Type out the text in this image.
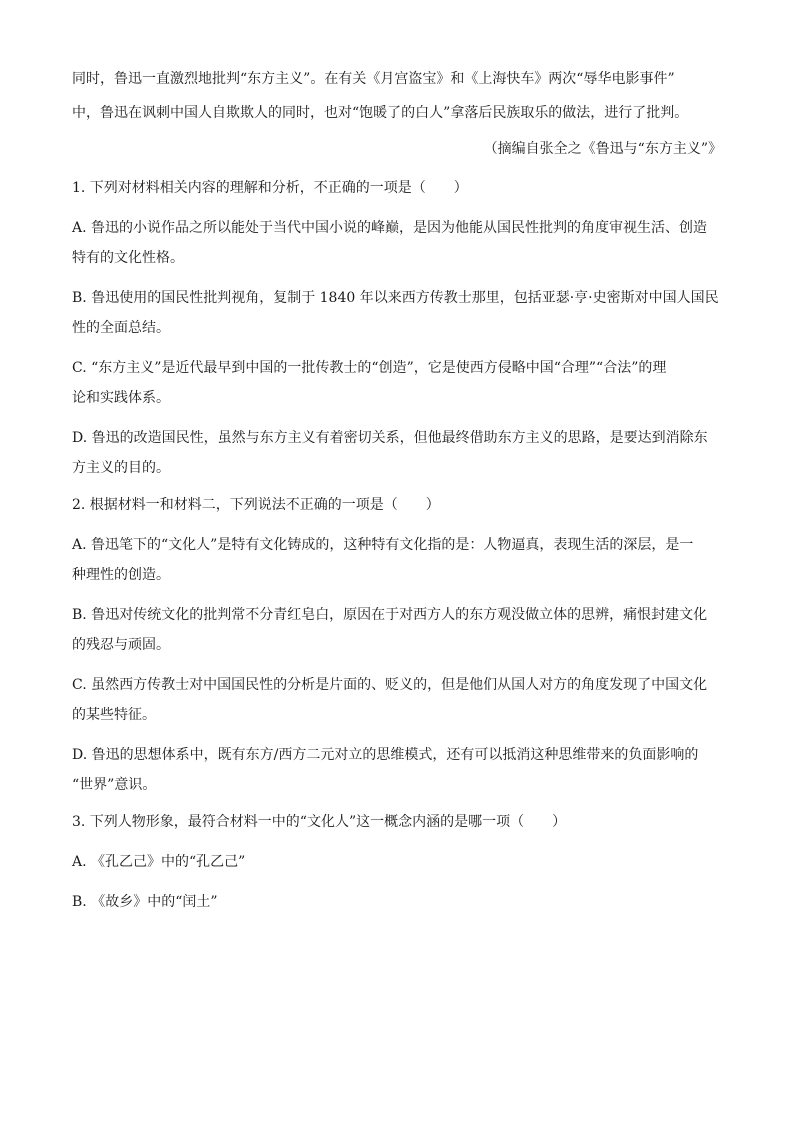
同时，鲁迅一直激烈地批判“东方主义”。在有关《月宫盗宝》和《上海快车》两次“辱华电影事件”
中，鲁迅在讽刺中国人自欺欺人的同时，也对“饱暖了的白人”拿落后民族取乐的做法，进行了批判。

（摘编自张全之《鲁迅与“东方主义”》
1. 下列对材料相关内容的理解和分析，不正确的一项是（　　）
A. 鲁迅的小说作品之所以能处于当代中国小说的峰巅，是因为他能从国民性批判的角度审视生活、创造
特有的文化性格。
B. 鲁迅使用的国民性批判视角，复制于 1840 年以来西方传教士那里，包括亚瑟·亨·史密斯对中国人国民
性的全面总结。
C. “东方主义”是近代最早到中国的一批传教士的“创造”，它是使西方侵略中国“合理”“合法”的理
论和实践体系。
D. 鲁迅的改造国民性，虽然与东方主义有着密切关系，但他最终借助东方主义的思路，是要达到消除东
方主义的目的。
2. 根据材料一和材料二，下列说法不正确的一项是（　　）
A. 鲁迅笔下的“文化人”是特有文化铸成的，这种特有文化指的是：人物逼真，表现生活的深层，是一
种理性的创造。
B. 鲁迅对传统文化的批判常不分青红皂白，原因在于对西方人的东方观没做立体的思辨，痛恨封建文化
的残忍与顽固。
C. 虽然西方传教士对中国国民性的分析是片面的、贬义的，但是他们从国人对方的角度发现了中国文化
的某些特征。
D. 鲁迅的思想体系中，既有东方/西方二元对立的思维模式，还有可以抵消这种思维带来的负面影响的
“世界”意识。
3. 下列人物形象，最符合材料一中的“文化人”这一概念内涵的是哪一项（　　）
A. 《孔乙己》中的“孔乙己”
B. 《故乡》中的“闰土”
